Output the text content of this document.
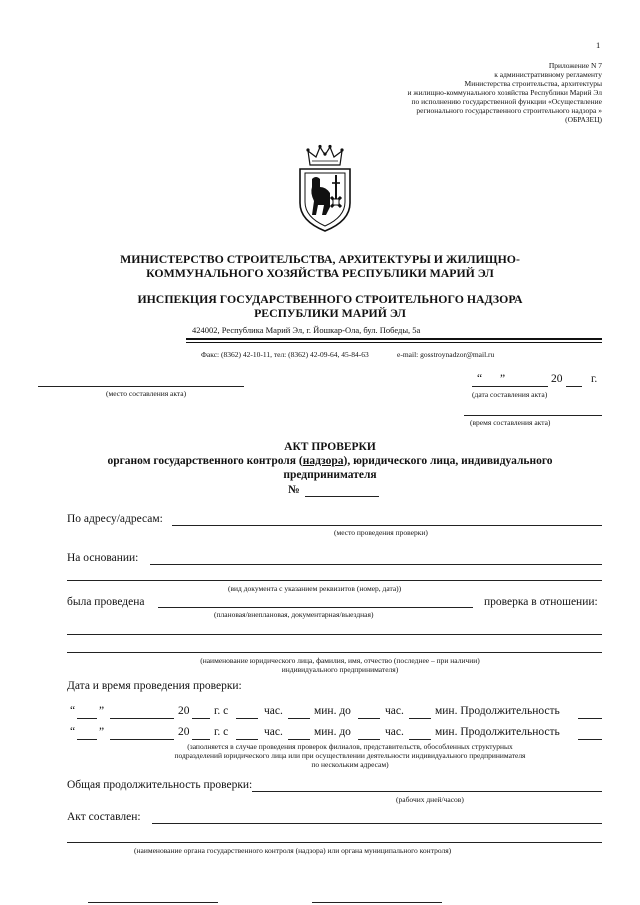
1
Приложение N 7
к административному регламенту
Министерства строительства, архитектуры
и жилищно-коммунального хозяйства Республики Марий Эл
по исполнению государственной функции «Осуществление
регионального государственного строительного надзора »
(ОБРАЗЕЦ)
МИНИСТЕРСТВО СТРОИТЕЛЬСТВА, АРХИТЕКТУРЫ И ЖИЛИЩНО-
КОММУНАЛЬНОГО ХОЗЯЙСТВА РЕСПУБЛИКИ МАРИЙ ЭЛ
ИНСПЕКЦИЯ ГОСУДАРСТВЕННОГО СТРОИТЕЛЬНОГО НАДЗОРА
РЕСПУБЛИКИ МАРИЙ ЭЛ
424002, Республика Марий Эл, г. Йошкар-Ола, бул. Победы, 5а
Факс: (8362) 42-10-11, тел: (8362) 42-09-64, 45-84-63	e-mail: gosstroynadzor@mail.ru
(место составления акта)
“ ”	20 г.
(дата составления акта)
(время составления акта)
АКТ ПРОВЕРКИ
органом государственного контроля (надзора), юридического лица, индивидуального
предпринимателя
№
По адресу/адресам:
(место проведения проверки)
На основании:
(вид документа с указанием реквизитов (номер, дата))
была проведена	проверка в отношении:
(плановая/внеплановая, документарная/выездная)
(наименование юридического лица, фамилия, имя, отчество (последнее – при наличии)
индивидуального предпринимателя)
Дата и время проведения проверки:
“ ”	20 г. с	час.	мин. до	час.	мин. Продолжительность
“ ”	20 г. с	час.	мин. до	час.	мин. Продолжительность
(заполняется в случае проведения проверок филиалов, представительств, обособленных структурных
подразделений юридического лица или при осуществлении деятельности индивидуального предпринимателя
по нескольким адресам)
Общая продолжительность проверки:
(рабочих дней/часов)
Акт составлен:
(наименование органа государственного контроля (надзора) или органа муниципального контроля)
